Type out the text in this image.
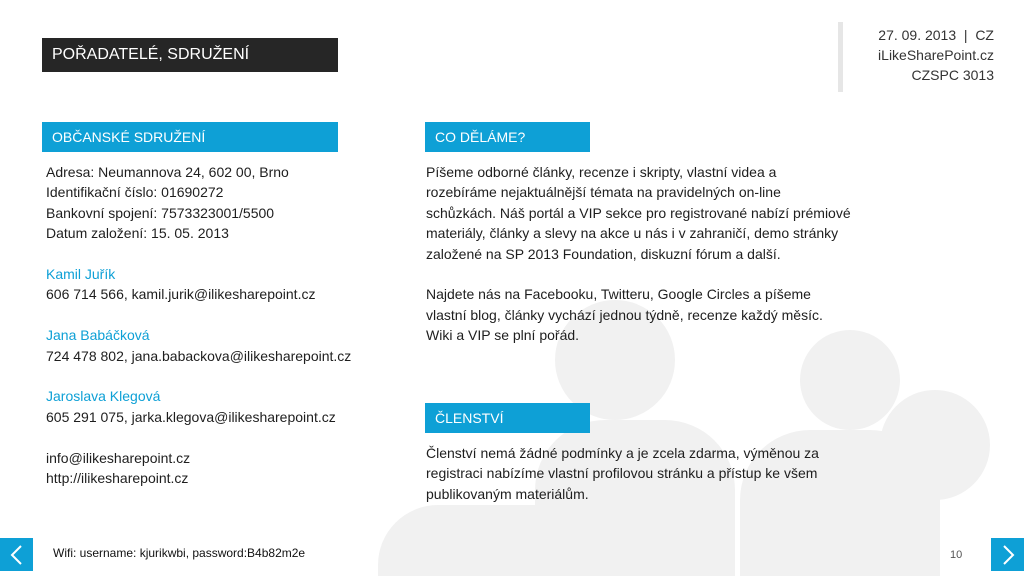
POŘADATELÉ, SDRUŽENÍ
27. 09. 2013  |  CZ
iLikeSharePoint.cz
CZSPC 3013
OBČANSKÉ SDRUŽENÍ

Adresa: Neumannova 24, 602 00, Brno

Identifikační číslo: 01690272

Bankovní spojení: 7573323001/5500

Datum založení: 15. 05. 2013

Kamil Juřík

606 714 566, kamil.jurik@ilikesharepoint.cz

Jana Babáčková

724 478 802, jana.babackova@ilikesharepoint.cz

Jaroslava Klegová

605 291 075, jarka.klegova@ilikesharepoint.cz

info@ilikesharepoint.cz

http://ilikesharepoint.cz

CO DĚLÁME?

Píšeme odborné články, recenze i skripty, vlastní videa a rozebíráme nejaktuálnější témata na pravidelných on-line schůzkách. Náš portál a VIP sekce pro registrované nabízí prémiové materiály, články a slevy na akce u nás i v zahraničí, demo stránky založené na SP 2013 Foundation, diskuzní fórum a další.

Najdete nás na Facebooku, Twitteru, Google Circles a píšeme vlastní blog, články vychází jednou týdně, recenze každý měsíc. Wiki a VIP se plní pořád.

ČLENSTVÍ

Členství nemá žádné podmínky a je zcela zdarma, výměnou za registraci nabízíme vlastní profilovou stránku a přístup ke všem publikovaným materiálům.

Wifi: username: kjurikwbi, password:B4b82m2e	10
